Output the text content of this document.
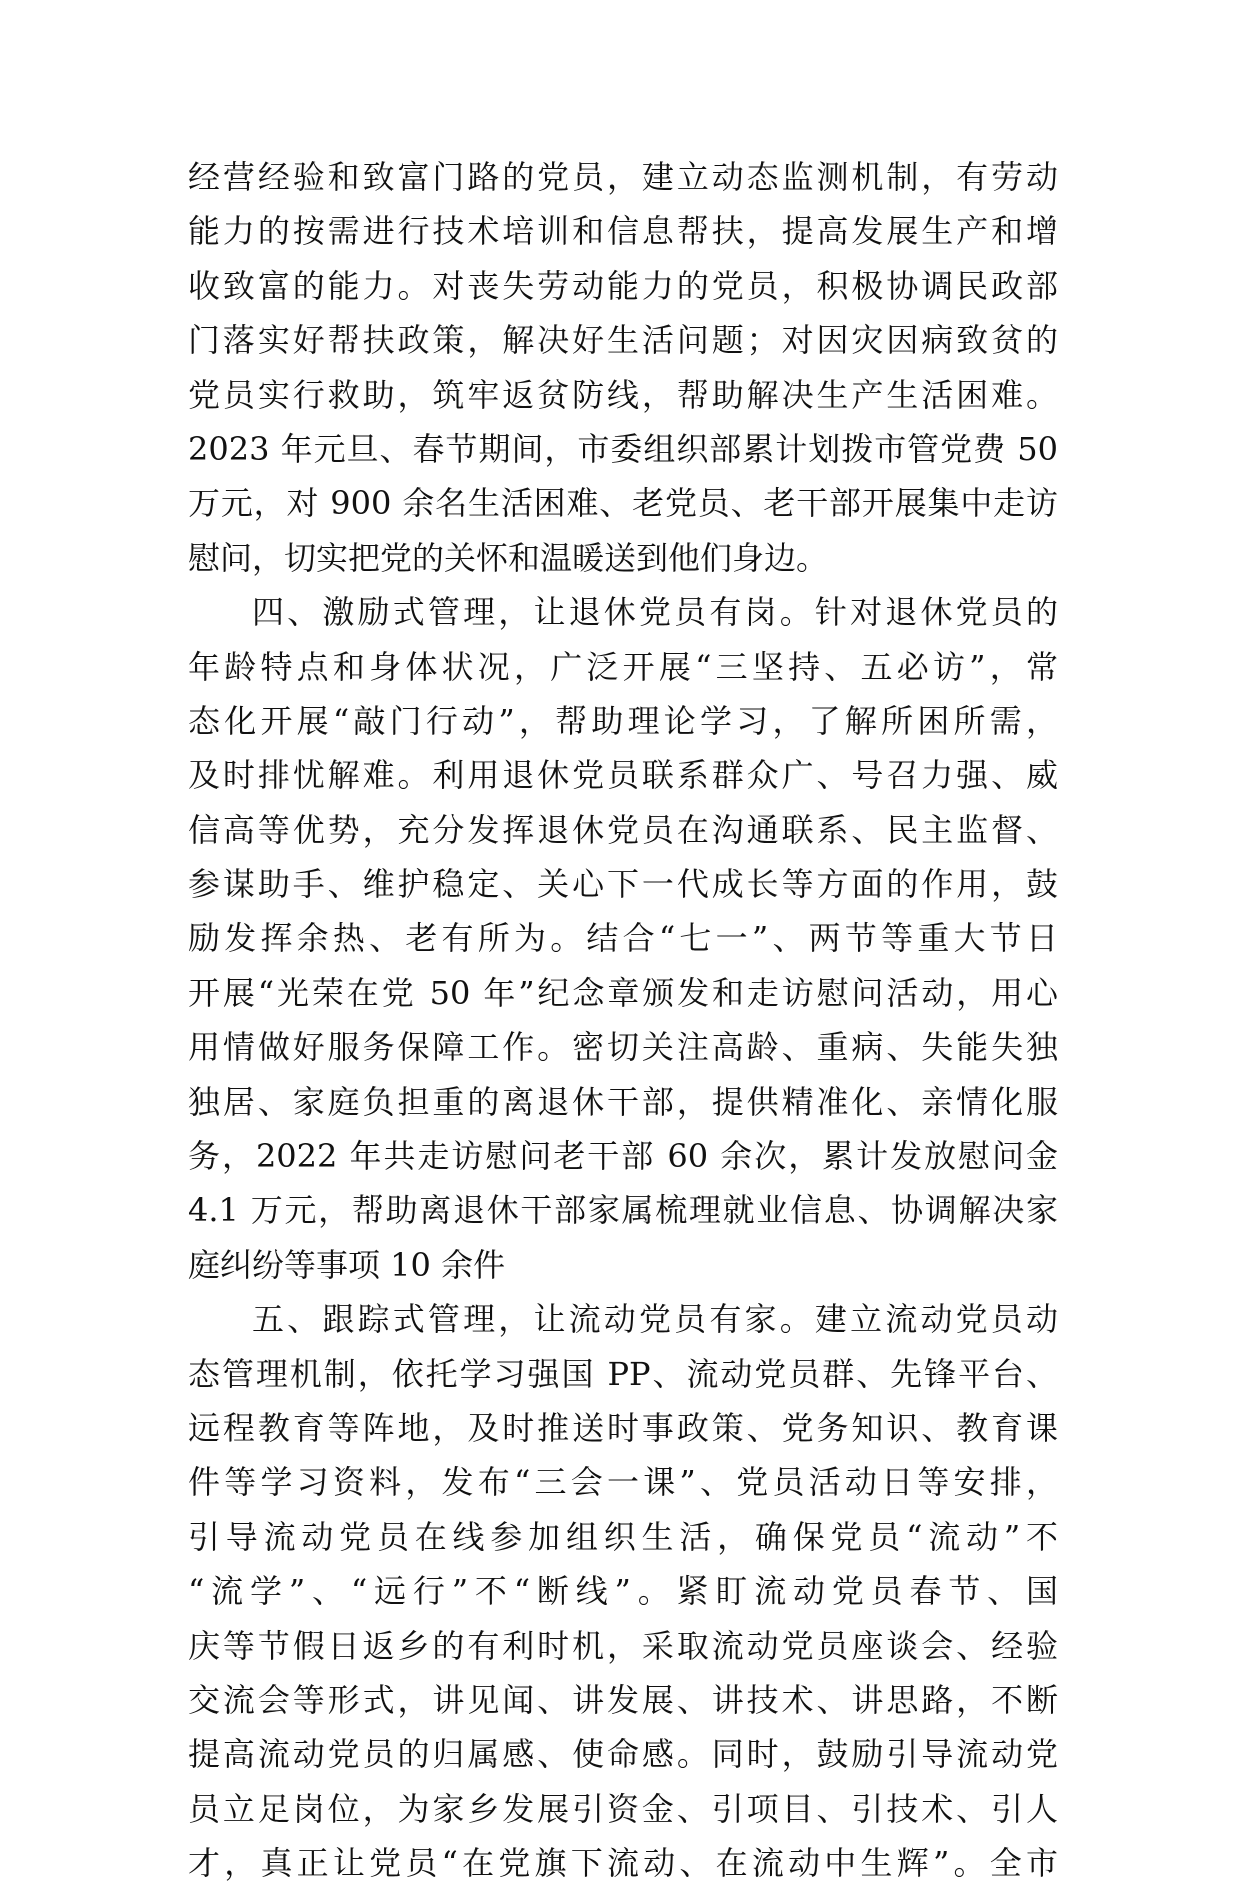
经营经验和致富门路的党员，建立动态监测机制，有劳动
能力的按需进行技术培训和信息帮扶，提高发展生产和增
收致富的能力。对丧失劳动能力的党员，积极协调民政部
门落实好帮扶政策，解决好生活问题；对因灾因病致贫的
党员实行救助，筑牢返贫防线，帮助解决生产生活困难。
2023 年元旦、春节期间，市委组织部累计划拨市管党费 50
万元，对 900 余名生活困难、老党员、老干部开展集中走访
慰问，切实把党的关怀和温暖送到他们身边。
四、激励式管理，让退休党员有岗。针对退休党员的
年龄特点和身体状况，广泛开展“三坚持、五必访”，常
态化开展“敲门行动”，帮助理论学习，了解所困所需，
及时排忧解难。利用退休党员联系群众广、号召力强、威
信高等优势，充分发挥退休党员在沟通联系、民主监督、
参谋助手、维护稳定、关心下一代成长等方面的作用，鼓
励发挥余热、老有所为。结合“七一”、两节等重大节日
开展“光荣在党 50 年”纪念章颁发和走访慰问活动，用心
用情做好服务保障工作。密切关注高龄、重病、失能失独
独居、家庭负担重的离退休干部，提供精准化、亲情化服
务，2022 年共走访慰问老干部 60 余次，累计发放慰问金
4.1 万元，帮助离退休干部家属梳理就业信息、协调解决家
庭纠纷等事项 10 余件
五、跟踪式管理，让流动党员有家。建立流动党员动
态管理机制，依托学习强国 PP、流动党员群、先锋平台、
远程教育等阵地，及时推送时事政策、党务知识、教育课
件等学习资料，发布“三会一课”、党员活动日等安排，
引导流动党员在线参加组织生活，确保党员“流动”不
“流学”、“远行”不“断线”。紧盯流动党员春节、国
庆等节假日返乡的有利时机，采取流动党员座谈会、经验
交流会等形式，讲见闻、讲发展、讲技术、讲思路，不断
提高流动党员的归属感、使命感。同时，鼓励引导流动党
员立足岗位，为家乡发展引资金、引项目、引技术、引人
才，真正让党员“在党旗下流动、在流动中生辉”。全市
